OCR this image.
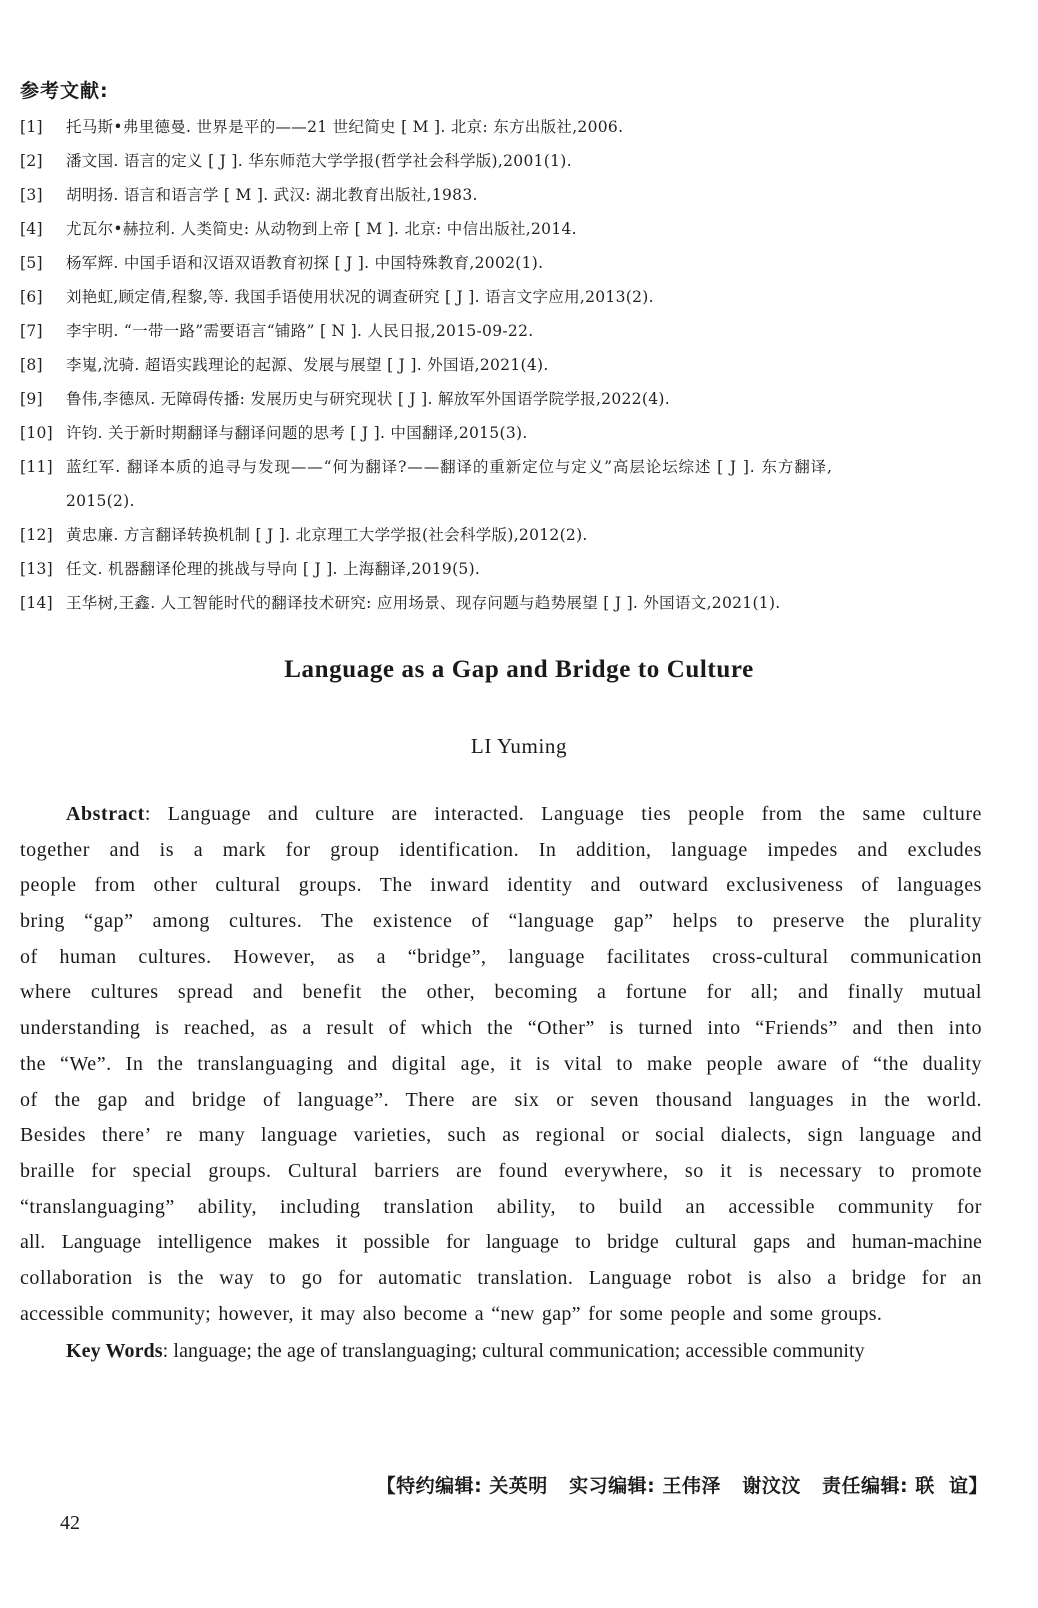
参考文献:
[1] 托马斯•弗里德曼. 世界是平的——21 世纪简史 [ M ]. 北京: 东方出版社,2006.
[2] 潘文国. 语言的定义 [ J ]. 华东师范大学学报(哲学社会科学版),2001(1).
[3] 胡明扬. 语言和语言学 [ M ]. 武汉: 湖北教育出版社,1983.
[4] 尤瓦尔•赫拉利. 人类简史: 从动物到上帝 [ M ]. 北京: 中信出版社,2014.
[5] 杨军辉. 中国手语和汉语双语教育初探 [ J ]. 中国特殊教育,2002(1).
[6] 刘艳虹,顾定倩,程黎,等. 我国手语使用状况的调查研究 [ J ]. 语言文字应用,2013(2).
[7] 李宇明. “一带一路”需要语言“铺路” [ N ]. 人民日报,2015-09-22.
[8] 李嵬,沈骑. 超语实践理论的起源、发展与展望 [ J ]. 外国语,2021(4).
[9] 鲁伟,李德凤. 无障碍传播: 发展历史与研究现状 [ J ]. 解放军外国语学院学报,2022(4).
[10] 许钧. 关于新时期翻译与翻译问题的思考 [ J ]. 中国翻译,2015(3).
[11] 蓝红军. 翻译本质的追寻与发现——“何为翻译?——翻译的重新定位与定义”高层论坛综述 [ J ]. 东方翻译,
2015(2).
[12] 黄忠廉. 方言翻译转换机制 [ J ]. 北京理工大学学报(社会科学版),2012(2).
[13] 任文. 机器翻译伦理的挑战与导向 [ J ]. 上海翻译,2019(5).
[14] 王华树,王鑫. 人工智能时代的翻译技术研究: 应用场景、现存问题与趋势展望 [ J ]. 外国语文,2021(1).
Language as a Gap and Bridge to Culture
LI Yuming
Abstract: Language and culture are interacted. Language ties people from the same culture
together and is a mark for group identification. In addition, language impedes and excludes
people from other cultural groups. The inward identity and outward exclusiveness of languages
bring “gap” among cultures. The existence of “language gap” helps to preserve the plurality
of human cultures. However, as a “bridge”, language facilitates cross-cultural communication
where cultures spread and benefit the other, becoming a fortune for all; and finally mutual
understanding is reached, as a result of which the “Other” is turned into “Friends” and then into
the “We”. In the translanguaging and digital age, it is vital to make people aware of “the duality
of the gap and bridge of language”. There are six or seven thousand languages in the world.
Besides there’ re many language varieties, such as regional or social dialects, sign language and
braille for special groups. Cultural barriers are found everywhere, so it is necessary to promote
“translanguaging” ability, including translation ability, to build an accessible community for
all. Language intelligence makes it possible for language to bridge cultural gaps and human-machine
collaboration is the way to go for automatic translation. Language robot is also a bridge for an
accessible community; however, it may also become a “new gap” for some people and some groups.
Key Words: language; the age of translanguaging; cultural communication; accessible community
【特约编辑: 关英明   实习编辑: 王伟泽   谢汶汶   责任编辑: 联  谊】
42
